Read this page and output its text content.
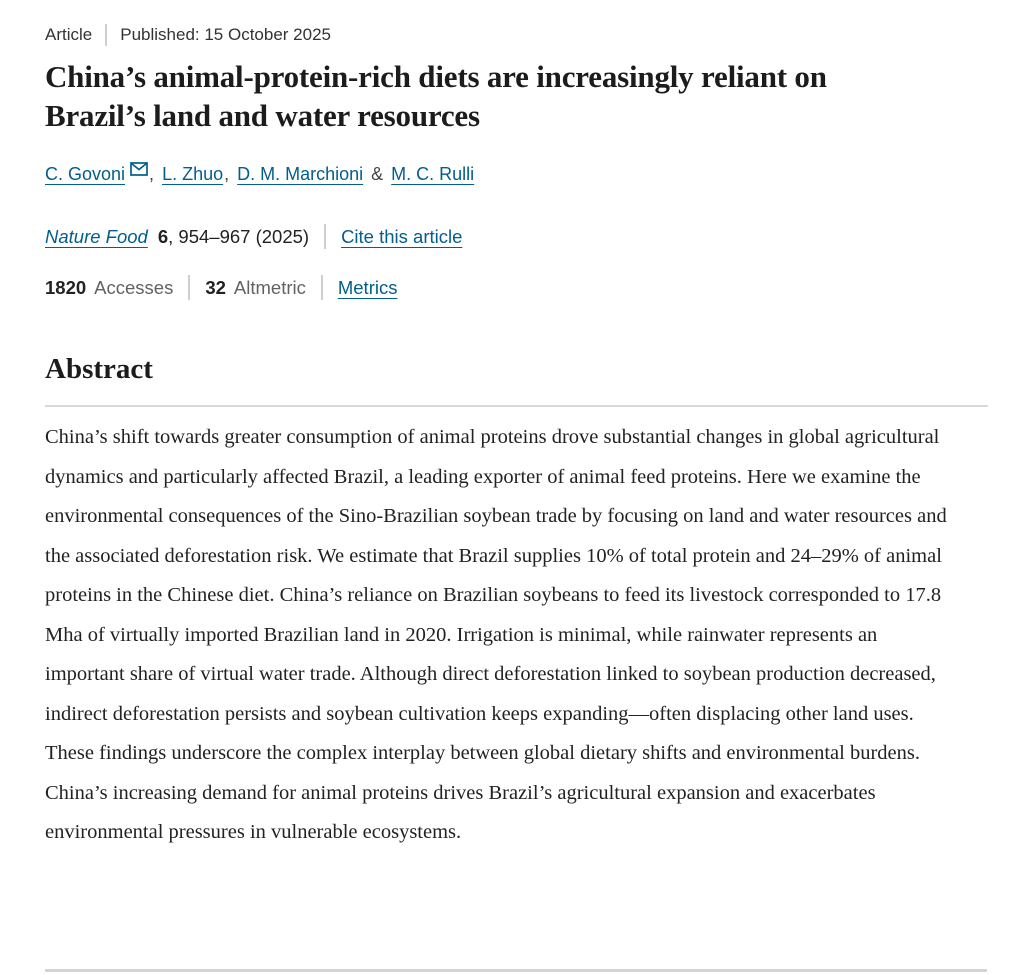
Article Published: 15 October 2025
China’s animal-protein-rich diets are increasingly reliant on Brazil’s land and water resources
C. Govoni , L. Zhuo , D. M. Marchioni & M. C. Rulli
Nature Food 6 , 954–967 (2025) Cite this article
1820 Accesses 32 Altmetric Metrics
Abstract

China’s shift towards greater consumption of animal proteins drove substantial changes in global agricultural dynamics and particularly affected Brazil, a leading exporter of animal feed proteins. Here we examine the environmental consequences of the Sino-Brazilian soybean trade by focusing on land and water resources and the associated deforestation risk. We estimate that Brazil supplies 10% of total protein and 24–29% of animal proteins in the Chinese diet. China’s reliance on Brazilian soybeans to feed its livestock corresponded to 17.8 Mha of virtually imported Brazilian land in 2020. Irrigation is minimal, while rainwater represents an important share of virtual water trade. Although direct deforestation linked to soybean production decreased, indirect deforestation persists and soybean cultivation keeps expanding—often displacing other land uses. These findings underscore the complex interplay between global dietary shifts and environmental burdens. China’s increasing demand for animal proteins drives Brazil’s agricultural expansion and exacerbates environmental pressures in vulnerable ecosystems.
